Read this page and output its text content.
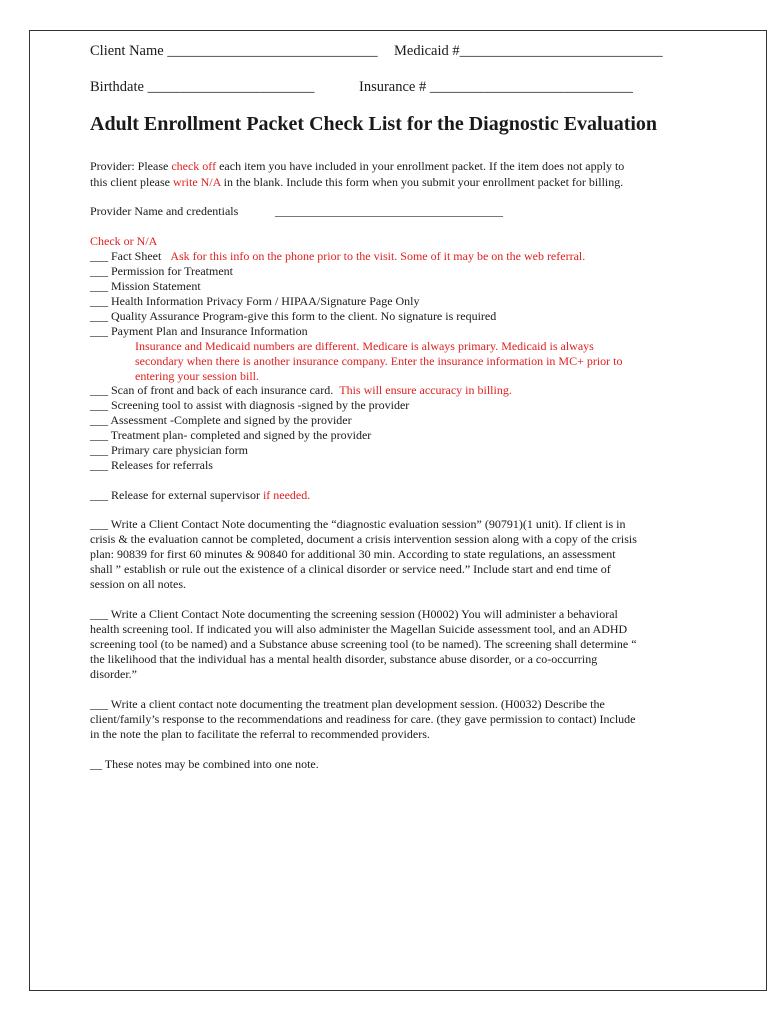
Client Name _____________________________ Medicaid #____________________________
Birthdate _______________________	Insurance # ____________________________
Adult Enrollment Packet Check List for the Diagnostic Evaluation
Provider: Please check off each item you have included in your enrollment packet. If the item does not apply to
this client please write N/A in the blank. Include this form when you submit your enrollment packet for billing.
Provider Name and credentials	______________________________________
Check or N/A
___ Fact Sheet Ask for this info on the phone prior to the visit. Some of it may be on the web referral.
___ Permission for Treatment
___ Mission Statement
___ Health Information Privacy Form / HIPAA/Signature Page Only
___ Quality Assurance Program-give this form to the client. No signature is required
___ Payment Plan and Insurance Information
Insurance and Medicaid numbers are different. Medicare is always primary. Medicaid is always
secondary when there is another insurance company. Enter the insurance information in MC+ prior to
entering your session bill.
___ Scan of front and back of each insurance card. This will ensure accuracy in billing.
___ Screening tool to assist with diagnosis -signed by the provider
___ Assessment -Complete and signed by the provider
___ Treatment plan- completed and signed by the provider
___ Primary care physician form
___ Releases for referrals
___ Release for external supervisor if needed.
___ Write a Client Contact Note documenting the “diagnostic evaluation session” (90791)(1 unit). If client is in
crisis & the evaluation cannot be completed, document a crisis intervention session along with a copy of the crisis
plan: 90839 for first 60 minutes & 90840 for additional 30 min. According to state regulations, an assessment
shall ” establish or rule out the existence of a clinical disorder or service need.” Include start and end time of
session on all notes.
___ Write a Client Contact Note documenting the screening session (H0002) You will administer a behavioral
health screening tool. If indicated you will also administer the Magellan Suicide assessment tool, and an ADHD
screening tool (to be named) and a Substance abuse screening tool (to be named). The screening shall determine “
the likelihood that the individual has a mental health disorder, substance abuse disorder, or a co-occurring
disorder.”
___ Write a client contact note documenting the treatment plan development session. (H0032) Describe the
client/family’s response to the recommendations and readiness for care. (they gave permission to contact) Include
in the note the plan to facilitate the referral to recommended providers.
__ These notes may be combined into one note.
